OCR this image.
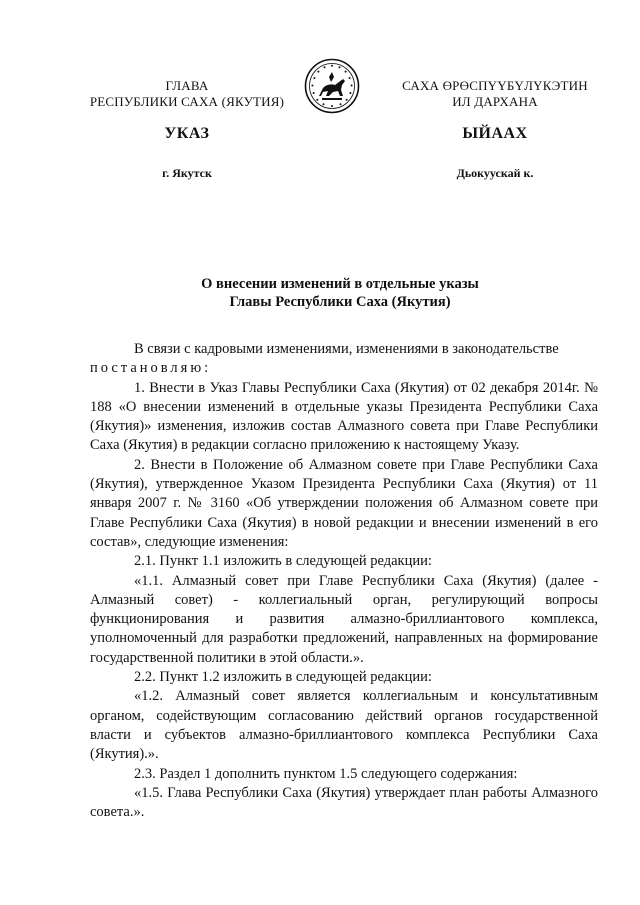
ГЛАВА
РЕСПУБЛИКИ САХА (ЯКУТИЯ)
САХА ӨРӨСПҮҮБҮЛҮКЭТИН
ИЛ ДАРХАНА
УКАЗ	ЫЙААХ
г. Якутск	Дьокуускай к.
О внесении изменений в отдельные указы
Главы Республики Саха (Якутия)

В связи с кадровыми изменениями, изменениями в законодательстве

постановляю:

1. Внести в Указ Главы Республики Саха (Якутия) от 02 декабря 2014г. № 188 «О внесении изменений в отдельные указы Президента Республики Саха (Якутия)» изменения, изложив состав Алмазного совета при Главе Республики Саха (Якутия) в редакции согласно приложению к настоящему Указу.

2. Внести в Положение об Алмазном совете при Главе Республики Саха (Якутия), утвержденное Указом Президента Республики Саха (Якутия) от 11 января 2007 г. № 3160 «Об утверждении положения об Алмазном совете при Главе Республики Саха (Якутия) в новой редакции и внесении изменений в его состав», следующие изменения:

2.1. Пункт 1.1 изложить в следующей редакции:

«1.1. Алмазный совет при Главе Республики Саха (Якутия) (далее - Алмазный совет) - коллегиальный орган, регулирующий вопросы функционирования и развития алмазно-бриллиантового комплекса, уполномоченный для разработки предложений, направленных на формирование государственной политики в этой области.».

2.2. Пункт 1.2 изложить в следующей редакции:

«1.2. Алмазный совет является коллегиальным и консультативным органом, содействующим согласованию действий органов государственной власти и субъектов алмазно-бриллиантового комплекса Республики Саха (Якутия).».

2.3. Раздел 1 дополнить пунктом 1.5 следующего содержания:

«1.5. Глава Республики Саха (Якутия) утверждает план работы Алмазного совета.».
